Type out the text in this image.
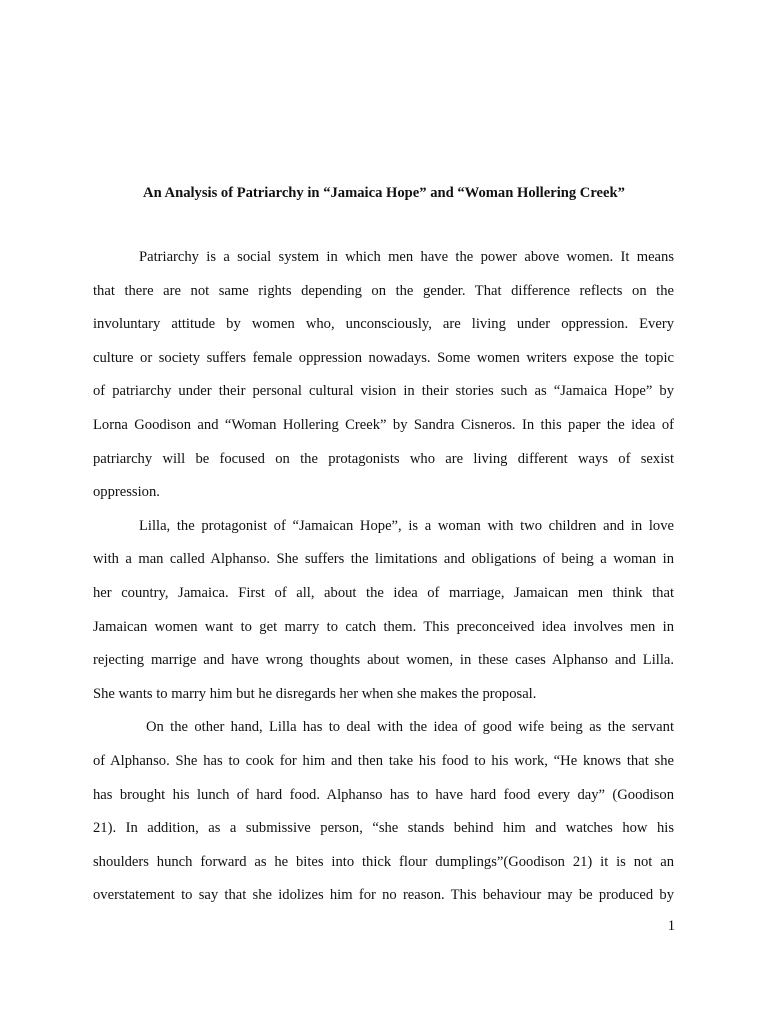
An Analysis of Patriarchy in “Jamaica Hope” and “Woman Hollering Creek”
Patriarchy is a social system in which men have the power above women. It means
that there are not same rights depending on the gender. That difference reflects on the
involuntary attitude by women who, unconsciously, are living under oppression. Every
culture or society suffers female oppression nowadays. Some women writers expose the topic
of patriarchy under their personal cultural vision in their stories such as “Jamaica Hope” by
Lorna Goodison and “Woman Hollering Creek” by Sandra Cisneros. In this paper the idea of
patriarchy will be focused on the protagonists who are living different ways of sexist
oppression.
Lilla, the protagonist of “Jamaican Hope”, is a woman with two children and in love
with a man called Alphanso. She suffers the limitations and obligations of being a woman in
her country, Jamaica. First of all, about the idea of marriage, Jamaican men think that
Jamaican women want to get marry to catch them. This preconceived idea involves men in
rejecting marrige and have wrong thoughts about women, in these cases Alphanso and Lilla.
She wants to marry him but he disregards her when she makes the proposal.
On the other hand, Lilla has to deal with the idea of good wife being as the servant
of Alphanso. She has to cook for him and then take his food to his work, “He knows that she
has brought his lunch of hard food. Alphanso has to have hard food every day” (Goodison
21). In addition, as a submissive person, “she stands behind him and watches how his
shoulders hunch forward as he bites into thick flour dumplings”(Goodison 21) it is not an
overstatement to say that she idolizes him for no reason. This behaviour may be produced by
1
